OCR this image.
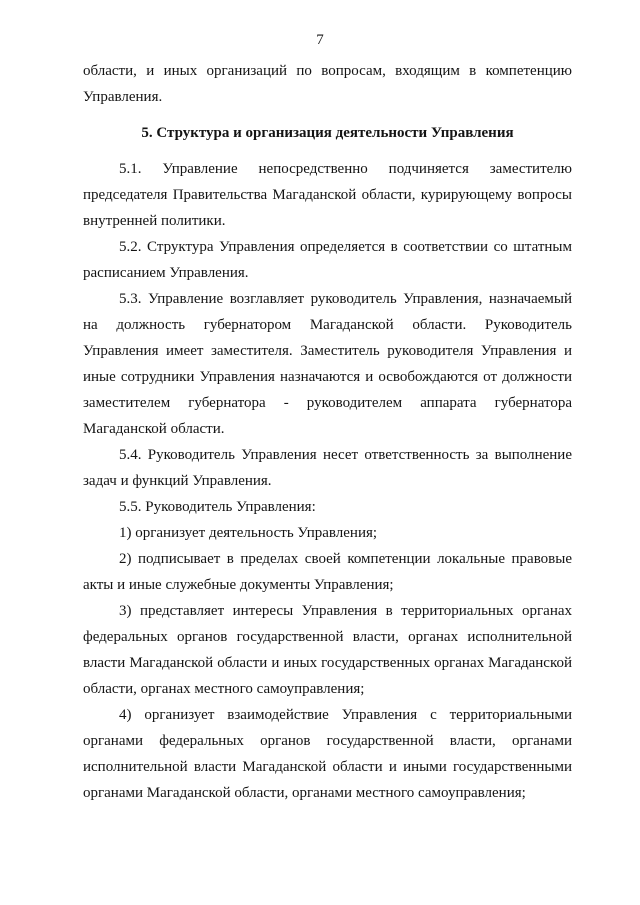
7

области, и иных организаций по вопросам, входящим в компетенцию Управления.

5. Структура и организация деятельности Управления

5.1. Управление непосредственно подчиняется заместителю председателя Правительства Магаданской области, курирующему вопросы внутренней политики.

5.2. Структура Управления определяется в соответствии со штатным расписанием Управления.

5.3. Управление возглавляет руководитель Управления, назначаемый на должность губернатором Магаданской области. Руководитель Управления имеет заместителя. Заместитель руководителя Управления и иные сотрудники Управления назначаются и освобождаются от должности заместителем губернатора - руководителем аппарата губернатора Магаданской области.

5.4. Руководитель Управления несет ответственность за выполнение задач и функций Управления.

5.5. Руководитель Управления:

1) организует деятельность Управления;

2) подписывает в пределах своей компетенции локальные правовые акты и иные служебные документы Управления;

3) представляет интересы Управления в территориальных органах федеральных органов государственной власти, органах исполнительной власти Магаданской области и иных государственных органах Магаданской области, органах местного самоуправления;

4) организует взаимодействие Управления с территориальными органами федеральных органов государственной власти, органами исполнительной власти Магаданской области и иными государственными органами Магаданской области, органами местного самоуправления;
